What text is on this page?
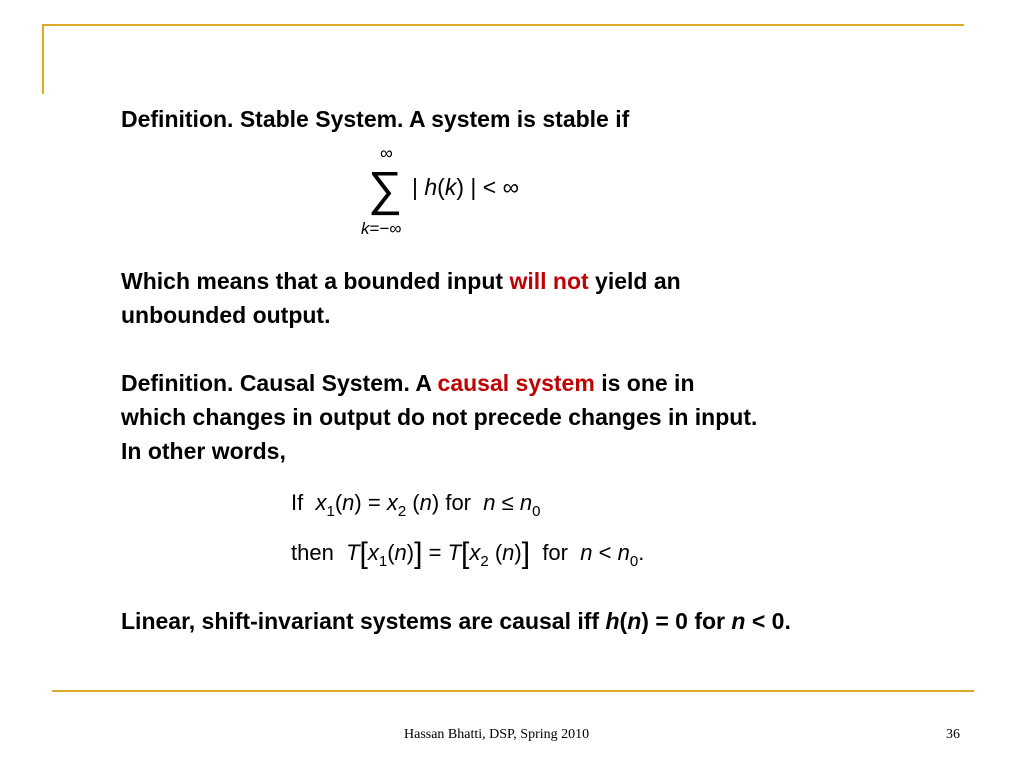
Definition. Stable System. A system is stable if
∞
∑ | h(k) | < ∞
k=−∞
Which means that a bounded input will not yield an
unbounded output.
Definition. Causal System. A causal system is one in
which changes in output do not precede changes in input.
In other words,
If $x_1(n) = x_2$ (n) for $n \le n_0$
then $T[x_1(n)] = T[x_2$ (n)] for $n < n_0$.
Linear, shift-invariant systems are causal iff h(n) = 0 for n < 0.
Hassan Bhatti, DSP, Spring 2010	36
